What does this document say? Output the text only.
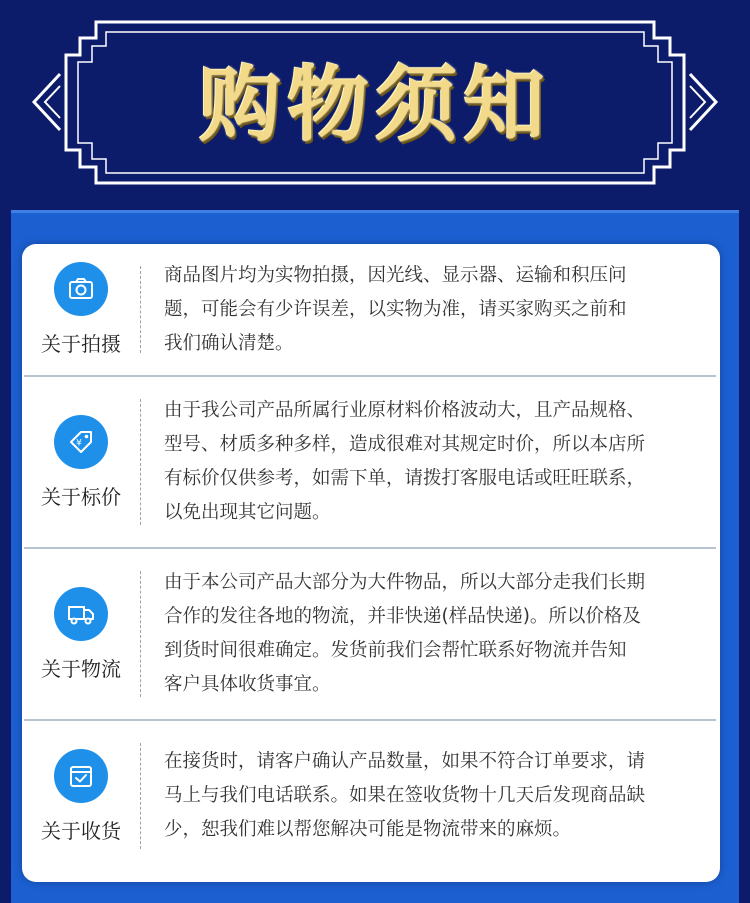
购物须知
关于拍摄
商品图片均为实物拍摄，因光线、显示器、运输和积压问
题，可能会有少许误差，以实物为准，请买家购买之前和
我们确认清楚。
¥
关于标价
由于我公司产品所属行业原材料价格波动大，且产品规格、
型号、材质多种多样，造成很难对其规定时价，所以本店所
有标价仅供参考，如需下单，请拨打客服电话或旺旺联系，
以免出现其它问题。
关于物流
由于本公司产品大部分为大件物品，所以大部分走我们长期
合作的发往各地的物流，并非快递(样品快递)。所以价格及
到货时间很难确定。发货前我们会帮忙联系好物流并告知
客户具体收货事宜。
关于收货
在接货时，请客户确认产品数量，如果不符合订单要求，请
马上与我们电话联系。如果在签收货物十几天后发现商品缺
少，恕我们难以帮您解决可能是物流带来的麻烦。
